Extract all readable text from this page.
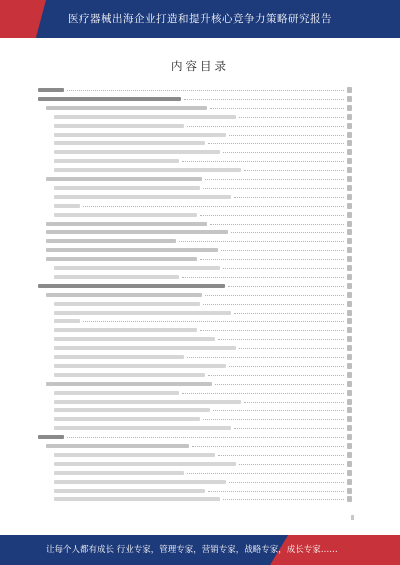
医疗器械出海企业打造和提升核心竞争力策略研究报告
内容目录
让每个人都有成长 行业专家，管理专家，营销专家，战略专家，成长专家……
